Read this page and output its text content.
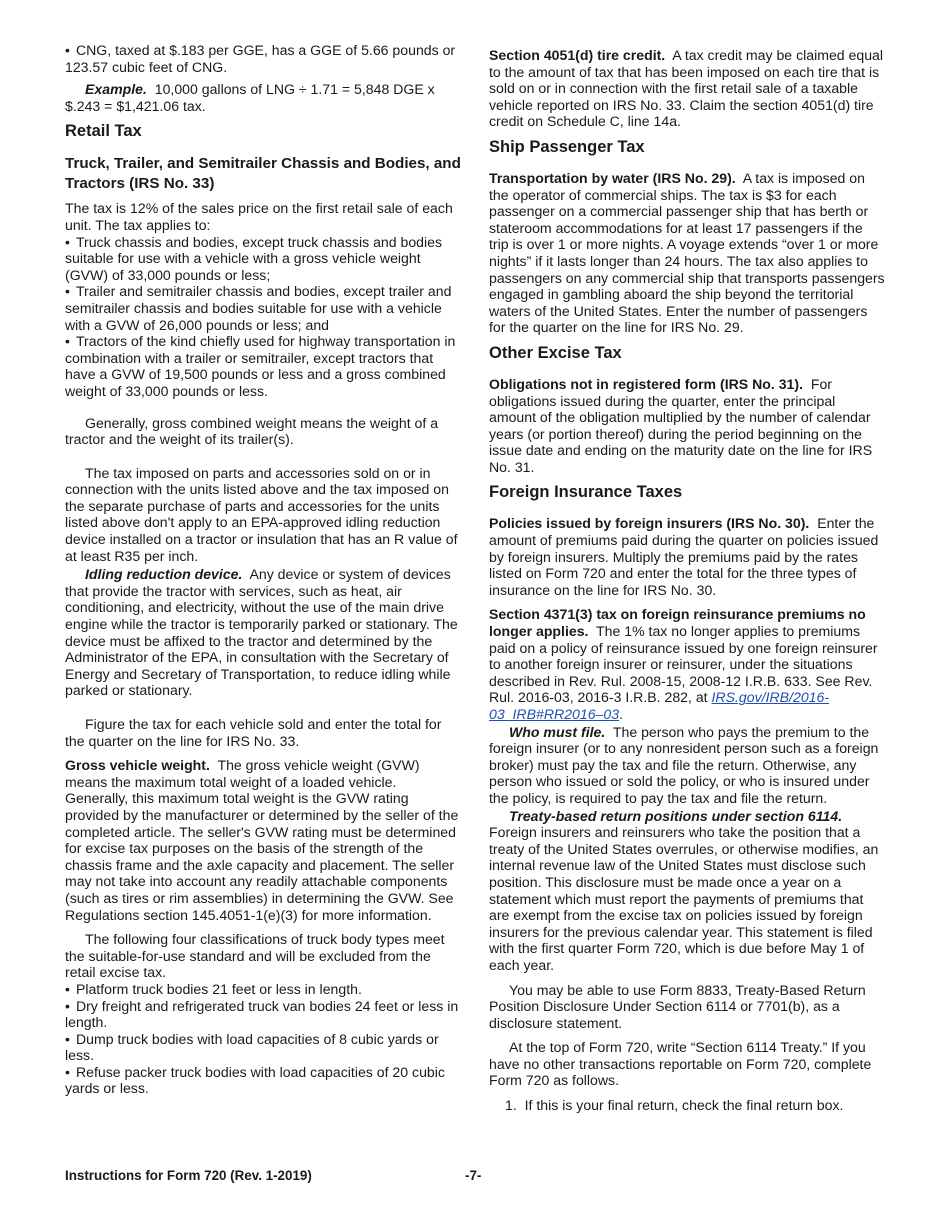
• CNG, taxed at $.183 per GGE, has a GGE of 5.66 pounds or 123.57 cubic feet of CNG.

Example. 10,000 gallons of LNG ÷ 1.71 = 5,848 DGE x $.243 = $1,421.06 tax.

Retail Tax
Truck, Trailer, and Semitrailer Chassis and Bodies, and Tractors (IRS No. 33)

The tax is 12% of the sales price on the first retail sale of each unit. The tax applies to:

• Truck chassis and bodies, except truck chassis and bodies suitable for use with a vehicle with a gross vehicle weight (GVW) of 33,000 pounds or less;

• Trailer and semitrailer chassis and bodies, except trailer and semitrailer chassis and bodies suitable for use with a vehicle with a GVW of 26,000 pounds or less; and

• Tractors of the kind chiefly used for highway transportation in combination with a trailer or semitrailer, except tractors that have a GVW of 19,500 pounds or less and a gross combined weight of 33,000 pounds or less.

Generally, gross combined weight means the weight of a tractor and the weight of its trailer(s).

The tax imposed on parts and accessories sold on or in connection with the units listed above and the tax imposed on the separate purchase of parts and accessories for the units listed above don't apply to an EPA-approved idling reduction device installed on a tractor or insulation that has an R value of at least R35 per inch.

Idling reduction device. Any device or system of devices that provide the tractor with services, such as heat, air conditioning, and electricity, without the use of the main drive engine while the tractor is temporarily parked or stationary. The device must be affixed to the tractor and determined by the Administrator of the EPA, in consultation with the Secretary of Energy and Secretary of Transportation, to reduce idling while parked or stationary.

Figure the tax for each vehicle sold and enter the total for the quarter on the line for IRS No. 33.

Gross vehicle weight. The gross vehicle weight (GVW) means the maximum total weight of a loaded vehicle. Generally, this maximum total weight is the GVW rating provided by the manufacturer or determined by the seller of the completed article. The seller's GVW rating must be determined for excise tax purposes on the basis of the strength of the chassis frame and the axle capacity and placement. The seller may not take into account any readily attachable components (such as tires or rim assemblies) in determining the GVW. See Regulations section 145.4051-1(e)(3) for more information.

The following four classifications of truck body types meet the suitable-for-use standard and will be excluded from the retail excise tax.

• Platform truck bodies 21 feet or less in length.

• Dry freight and refrigerated truck van bodies 24 feet or less in length.

• Dump truck bodies with load capacities of 8 cubic yards or less.

• Refuse packer truck bodies with load capacities of 20 cubic yards or less.

Section 4051(d) tire credit. A tax credit may be claimed equal to the amount of tax that has been imposed on each tire that is sold on or in connection with the first retail sale of a taxable vehicle reported on IRS No. 33. Claim the section 4051(d) tire credit on Schedule C, line 14a.

Ship Passenger Tax

Transportation by water (IRS No. 29). A tax is imposed on the operator of commercial ships. The tax is $3 for each passenger on a commercial passenger ship that has berth or stateroom accommodations for at least 17 passengers if the trip is over 1 or more nights. A voyage extends “over 1 or more nights” if it lasts longer than 24 hours. The tax also applies to passengers on any commercial ship that transports passengers engaged in gambling aboard the ship beyond the territorial waters of the United States. Enter the number of passengers for the quarter on the line for IRS No. 29.

Other Excise Tax

Obligations not in registered form (IRS No. 31). For obligations issued during the quarter, enter the principal amount of the obligation multiplied by the number of calendar years (or portion thereof) during the period beginning on the issue date and ending on the maturity date on the line for IRS No. 31.

Foreign Insurance Taxes

Policies issued by foreign insurers (IRS No. 30). Enter the amount of premiums paid during the quarter on policies issued by foreign insurers. Multiply the premiums paid by the rates listed on Form 720 and enter the total for the three types of insurance on the line for IRS No. 30.

Section 4371(3) tax on foreign reinsurance premiums no longer applies. The 1% tax no longer applies to premiums paid on a policy of reinsurance issued by one foreign reinsurer to another foreign insurer or reinsurer, under the situations described in Rev. Rul. 2008-15, 2008-12 I.R.B. 633. See Rev. Rul. 2016-03, 2016-3 I.R.B. 282, at IRS.gov/IRB/2016-03_IRB#RR2016–03.

Who must file. The person who pays the premium to the foreign insurer (or to any nonresident person such as a foreign broker) must pay the tax and file the return. Otherwise, any person who issued or sold the policy, or who is insured under the policy, is required to pay the tax and file the return.

Treaty-based return positions under section 6114. Foreign insurers and reinsurers who take the position that a treaty of the United States overrules, or otherwise modifies, an internal revenue law of the United States must disclose such position. This disclosure must be made once a year on a statement which must report the payments of premiums that are exempt from the excise tax on policies issued by foreign insurers for the previous calendar year. This statement is filed with the first quarter Form 720, which is due before May 1 of each year.

You may be able to use Form 8833, Treaty-Based Return Position Disclosure Under Section 6114 or 7701(b), as a disclosure statement.

At the top of Form 720, write “Section 6114 Treaty.” If you have no other transactions reportable on Form 720, complete Form 720 as follows.

1. If this is your final return, check the final return box.

Instructions for Form 720 (Rev. 1-2019)	-7-
